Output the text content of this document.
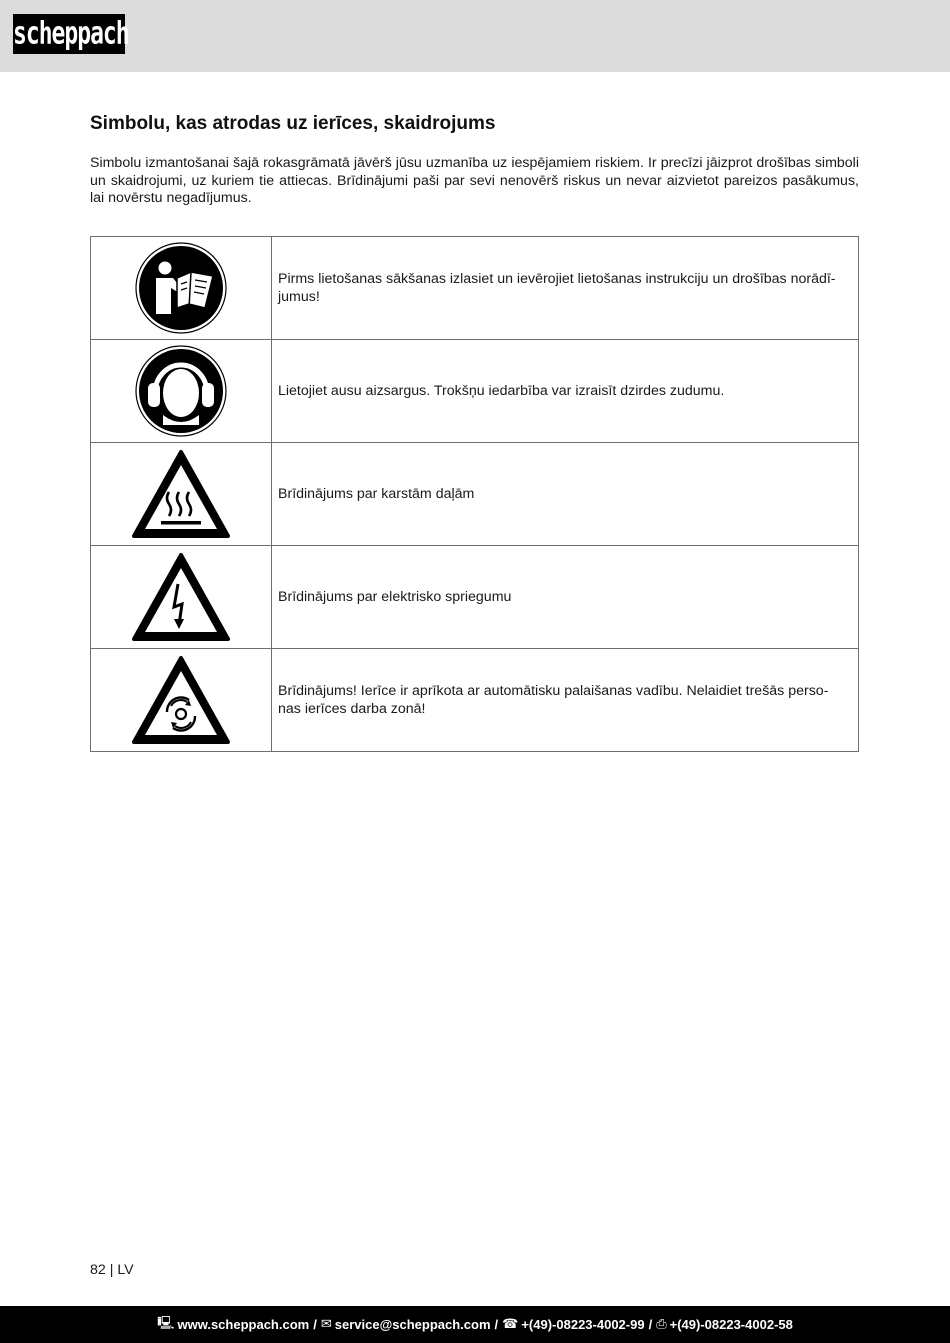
scheppach
Simbolu, kas atrodas uz ierīces, skaidrojums

Simbolu izmantošanai šajā rokasgrāmatā jāvērš jūsu uzmanība uz iespējamiem riskiem. Ir precīzi jāizprot drošības simboli un skaidrojumi, uz kuriem tie attiecas. Brīdinājumi paši par sevi nenovērš riskus un nevar aizvietot pareizos pasākumus, lai novērstu negadījumus.

	Pirms lietošanas sākšanas izlasiet un ievērojiet lietošanas instrukciju un drošības norādī-jumus!

	Lietojiet ausu aizsargus. Trokšņu iedarbība var izraisīt dzirdes zudumu.

	Brīdinājums par karstām daļām

	Brīdinājums par elektrisko spriegumu

	Brīdinājums! Ierīce ir aprīkota ar automātisku palaišanas vadību. Nelaidiet trešās perso-nas ierīces darba zonā!
82 | LV
🖳 www.scheppach.com / ✉ service@scheppach.com / ☎ +(49)-08223-4002-99 / ⎙ +(49)-08223-4002-58
